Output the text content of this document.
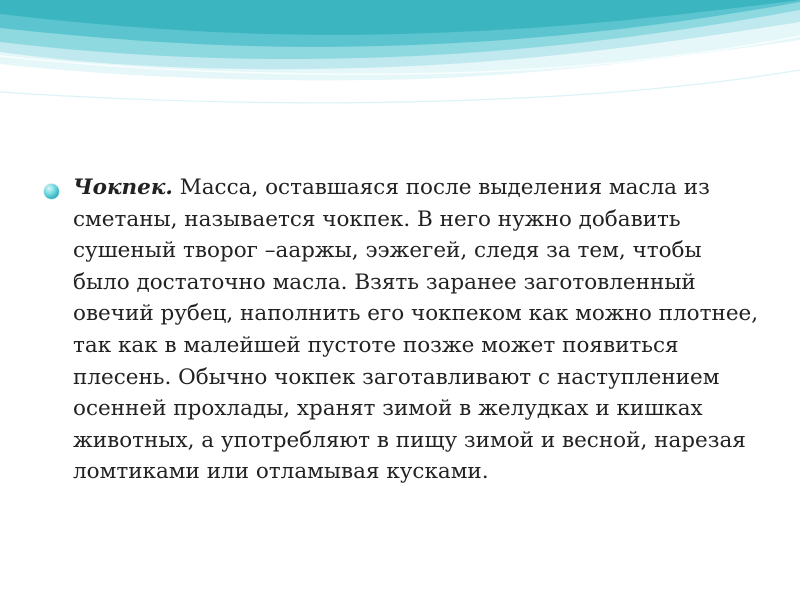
Чокпек. Масса, оставшаяся после выделения масла из сметаны, называется чокпек. В него нужно добавить сушеный творог –ааржы, ээжегей, следя за тем, чтобы было достаточно масла. Взять заранее заготовленный овечий рубец, наполнить его чокпеком как можно плотнее, так как в малейшей пустоте позже может появиться плесень. Обычно чокпек заготавливают с наступлением осенней прохлады, хранят зимой в желудках и кишках животных, а употребляют в пищу зимой и весной, нарезая ломтиками или отламывая кусками.
